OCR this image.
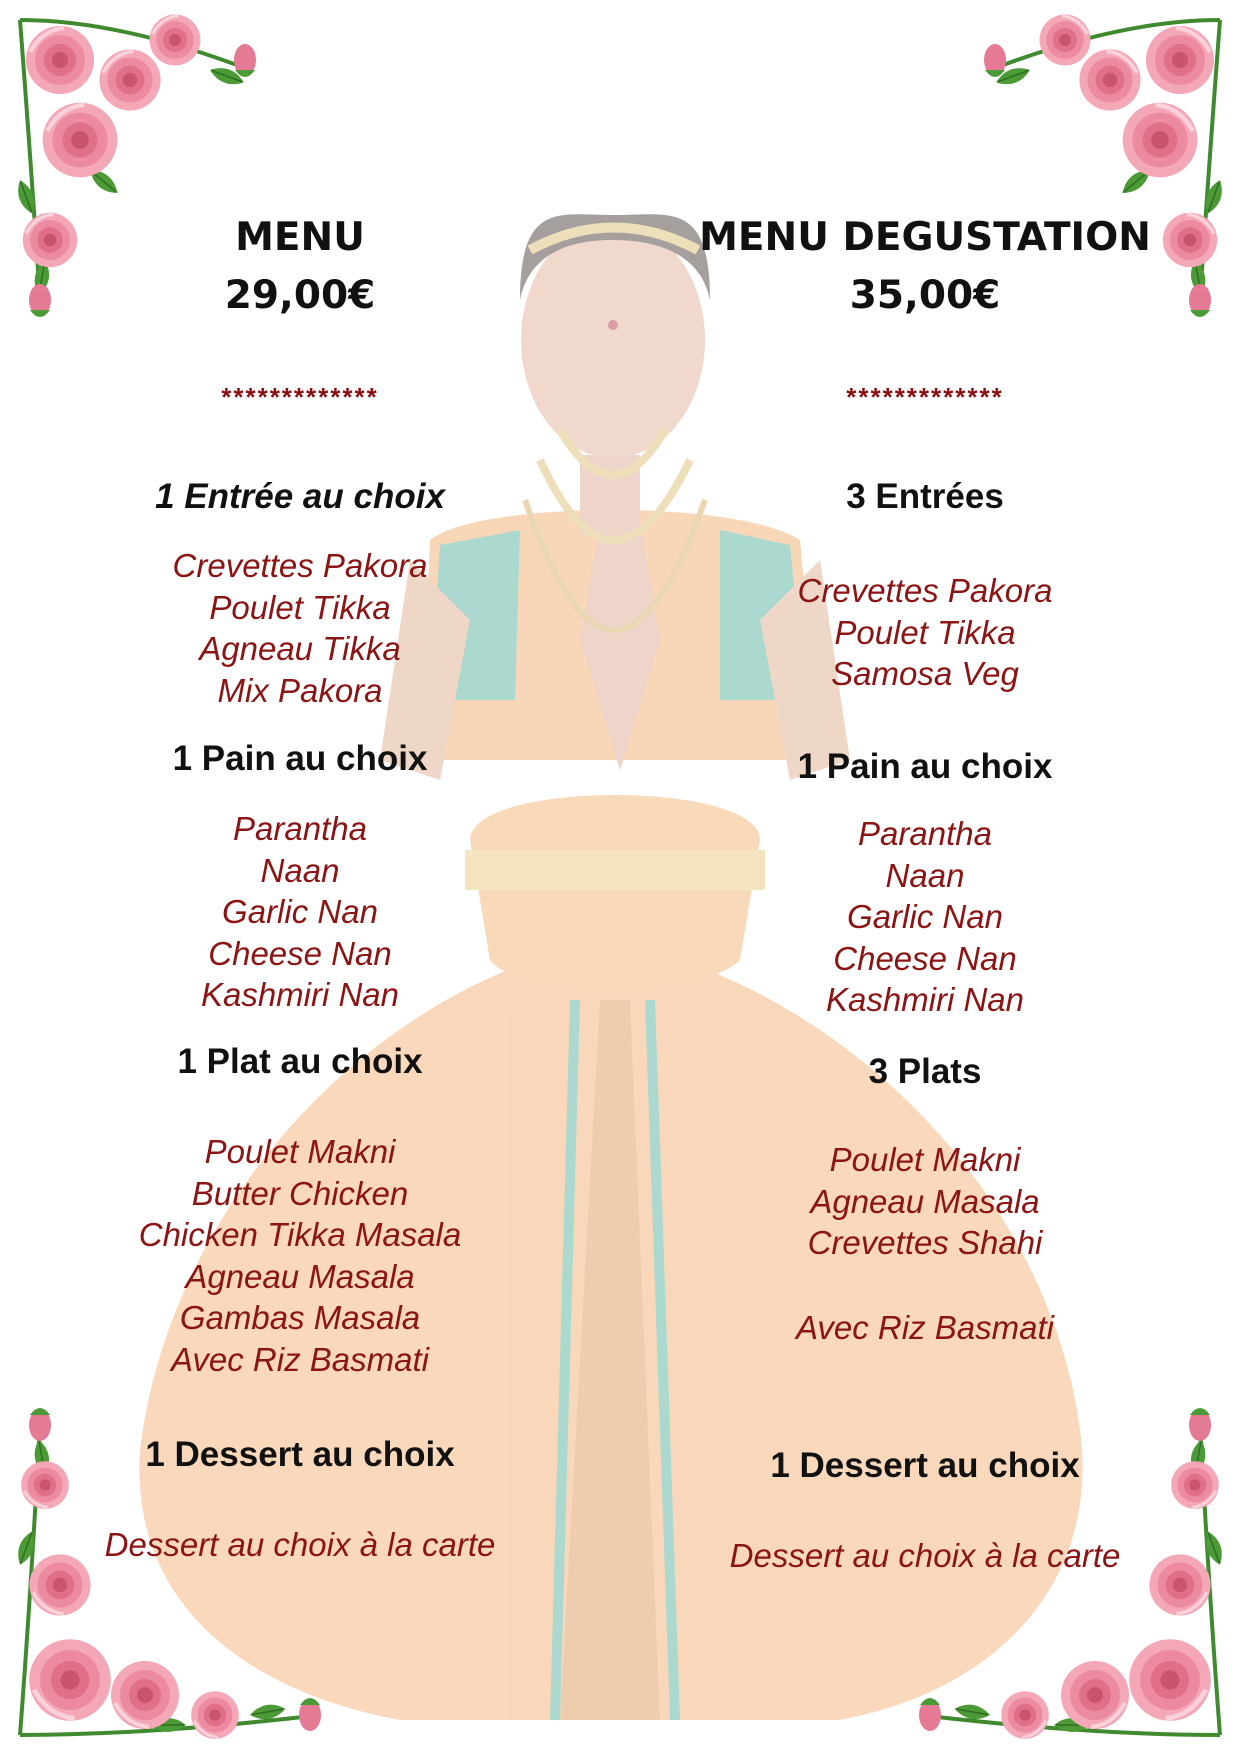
MENU
29,00€
*************
1 Entrée au choix
Crevettes Pakora
Poulet Tikka
Agneau Tikka
Mix Pakora
1 Pain au choix
Parantha
Naan
Garlic Nan
Cheese Nan
Kashmiri Nan
1 Plat au choix
Poulet Makni
Butter Chicken
Chicken Tikka Masala
Agneau Masala
Gambas Masala
Avec Riz Basmati
1 Dessert au choix
Dessert au choix à la carte
MENU DEGUSTATION
35,00€
*************
3 Entrées
Crevettes Pakora
Poulet Tikka
Samosa Veg
1 Pain au choix
Parantha
Naan
Garlic Nan
Cheese Nan
Kashmiri Nan
3 Plats
Poulet Makni
Agneau Masala
Crevettes Shahi
Avec Riz Basmati
1 Dessert au choix
Dessert au choix à la carte
